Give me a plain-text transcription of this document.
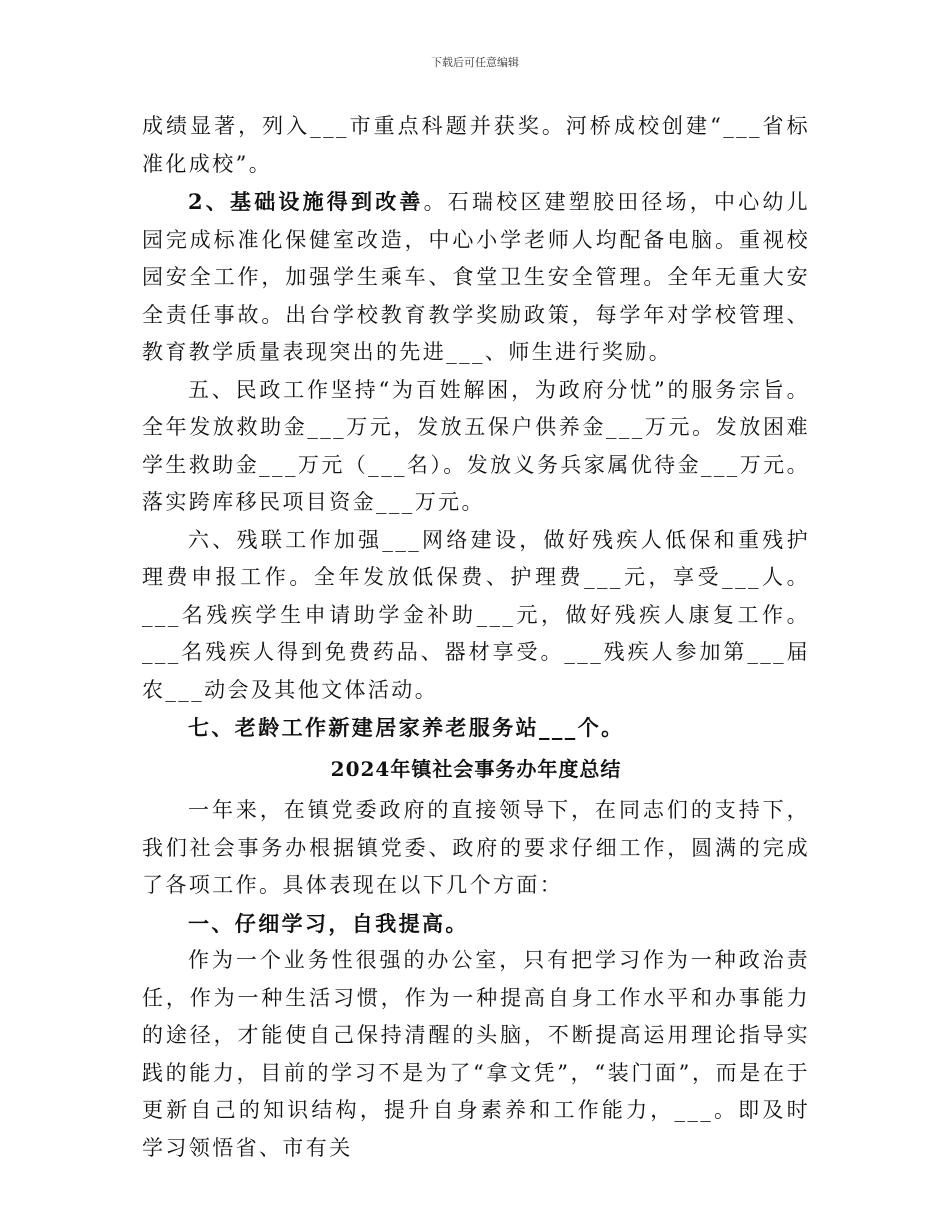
下载后可任意编辑

成绩显著，列入___市重点科题并获奖。河桥成校创建“___省标准化成校”。

2、基础设施得到改善。石瑞校区建塑胶田径场，中心幼儿园完成标准化保健室改造，中心小学老师人均配备电脑。重视校园安全工作，加强学生乘车、食堂卫生安全管理。全年无重大安全责任事故。出台学校教育教学奖励政策，每学年对学校管理、教育教学质量表现突出的先进___、师生进行奖励。

五、民政工作坚持“为百姓解困，为政府分忧”的服务宗旨。全年发放救助金___万元，发放五保户供养金___万元。发放困难学生救助金___万元（___名）。发放义务兵家属优待金___万元。落实跨库移民项目资金___万元。

六、残联工作加强___网络建设，做好残疾人低保和重残护理费申报工作。全年发放低保费、护理费___元，享受___人。___名残疾学生申请助学金补助___元，做好残疾人康复工作。___名残疾人得到免费药品、器材享受。___残疾人参加第___届农___动会及其他文体活动。

七、老龄工作新建居家养老服务站___个。

2024年镇社会事务办年度总结

一年来，在镇党委政府的直接领导下，在同志们的支持下，我们社会事务办根据镇党委、政府的要求仔细工作，圆满的完成了各项工作。具体表现在以下几个方面：

一、仔细学习，自我提高。

作为一个业务性很强的办公室，只有把学习作为一种政治责任，作为一种生活习惯，作为一种提高自身工作水平和办事能力的途径，才能使自己保持清醒的头脑，不断提高运用理论指导实践的能力，目前的学习不是为了“拿文凭”，“装门面”，而是在于更新自己的知识结构，提升自身素养和工作能力，___。即及时学习领悟省、市有关
